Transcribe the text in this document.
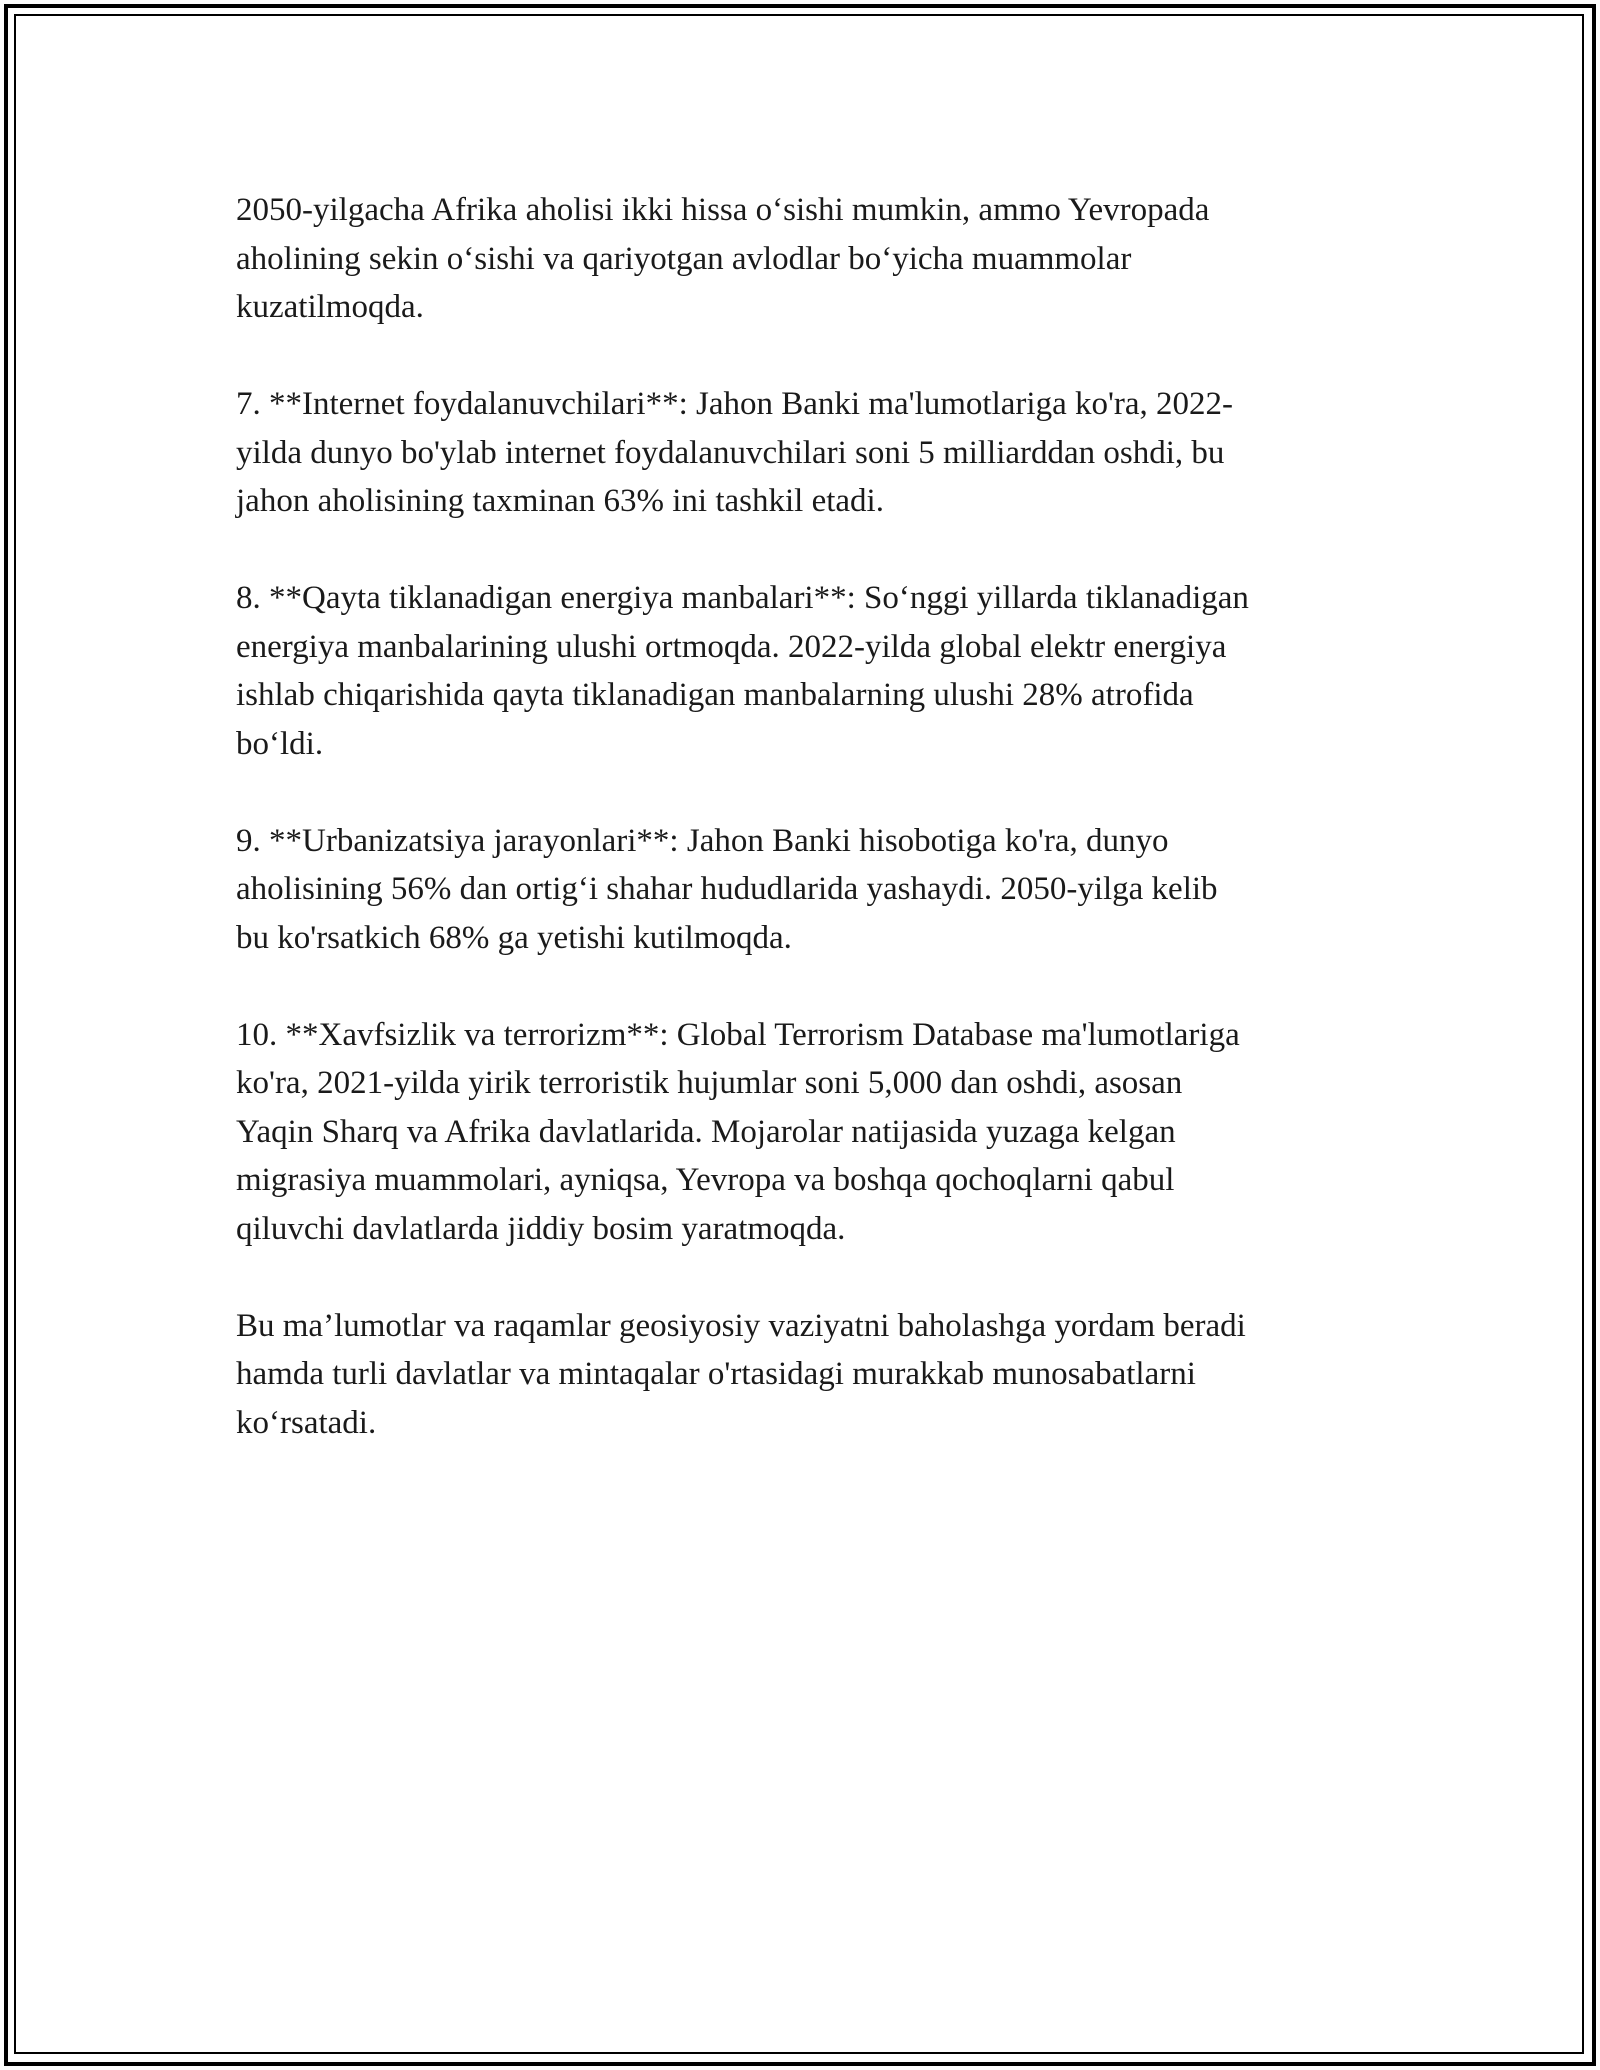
2050-yilgacha Afrika aholisi ikki hissa o‘sishi mumkin, ammo Yevropada
aholining sekin o‘sishi va qariyotgan avlodlar bo‘yicha muammolar
kuzatilmoqda.

7. **Internet foydalanuvchilari**: Jahon Banki ma'lumotlariga ko'ra, 2022-
yilda dunyo bo'ylab internet foydalanuvchilari soni 5 milliarddan oshdi, bu
jahon aholisining taxminan 63% ini tashkil etadi.

8. **Qayta tiklanadigan energiya manbalari**: So‘nggi yillarda tiklanadigan
energiya manbalarining ulushi ortmoqda. 2022-yilda global elektr energiya
ishlab chiqarishida qayta tiklanadigan manbalarning ulushi 28% atrofida
bo‘ldi.

9. **Urbanizatsiya jarayonlari**: Jahon Banki hisobotiga ko'ra, dunyo
aholisining 56% dan ortig‘i shahar hududlarida yashaydi. 2050-yilga kelib
bu ko'rsatkich 68% ga yetishi kutilmoqda.

10. **Xavfsizlik va terrorizm**: Global Terrorism Database ma'lumotlariga
ko'ra, 2021-yilda yirik terroristik hujumlar soni 5,000 dan oshdi, asosan
Yaqin Sharq va Afrika davlatlarida. Mojarolar natijasida yuzaga kelgan
migrasiya muammolari, ayniqsa, Yevropa va boshqa qochoqlarni qabul
qiluvchi davlatlarda jiddiy bosim yaratmoqda.

Bu ma’lumotlar va raqamlar geosiyosiy vaziyatni baholashga yordam beradi
hamda turli davlatlar va mintaqalar o'rtasidagi murakkab munosabatlarni
ko‘rsatadi.
